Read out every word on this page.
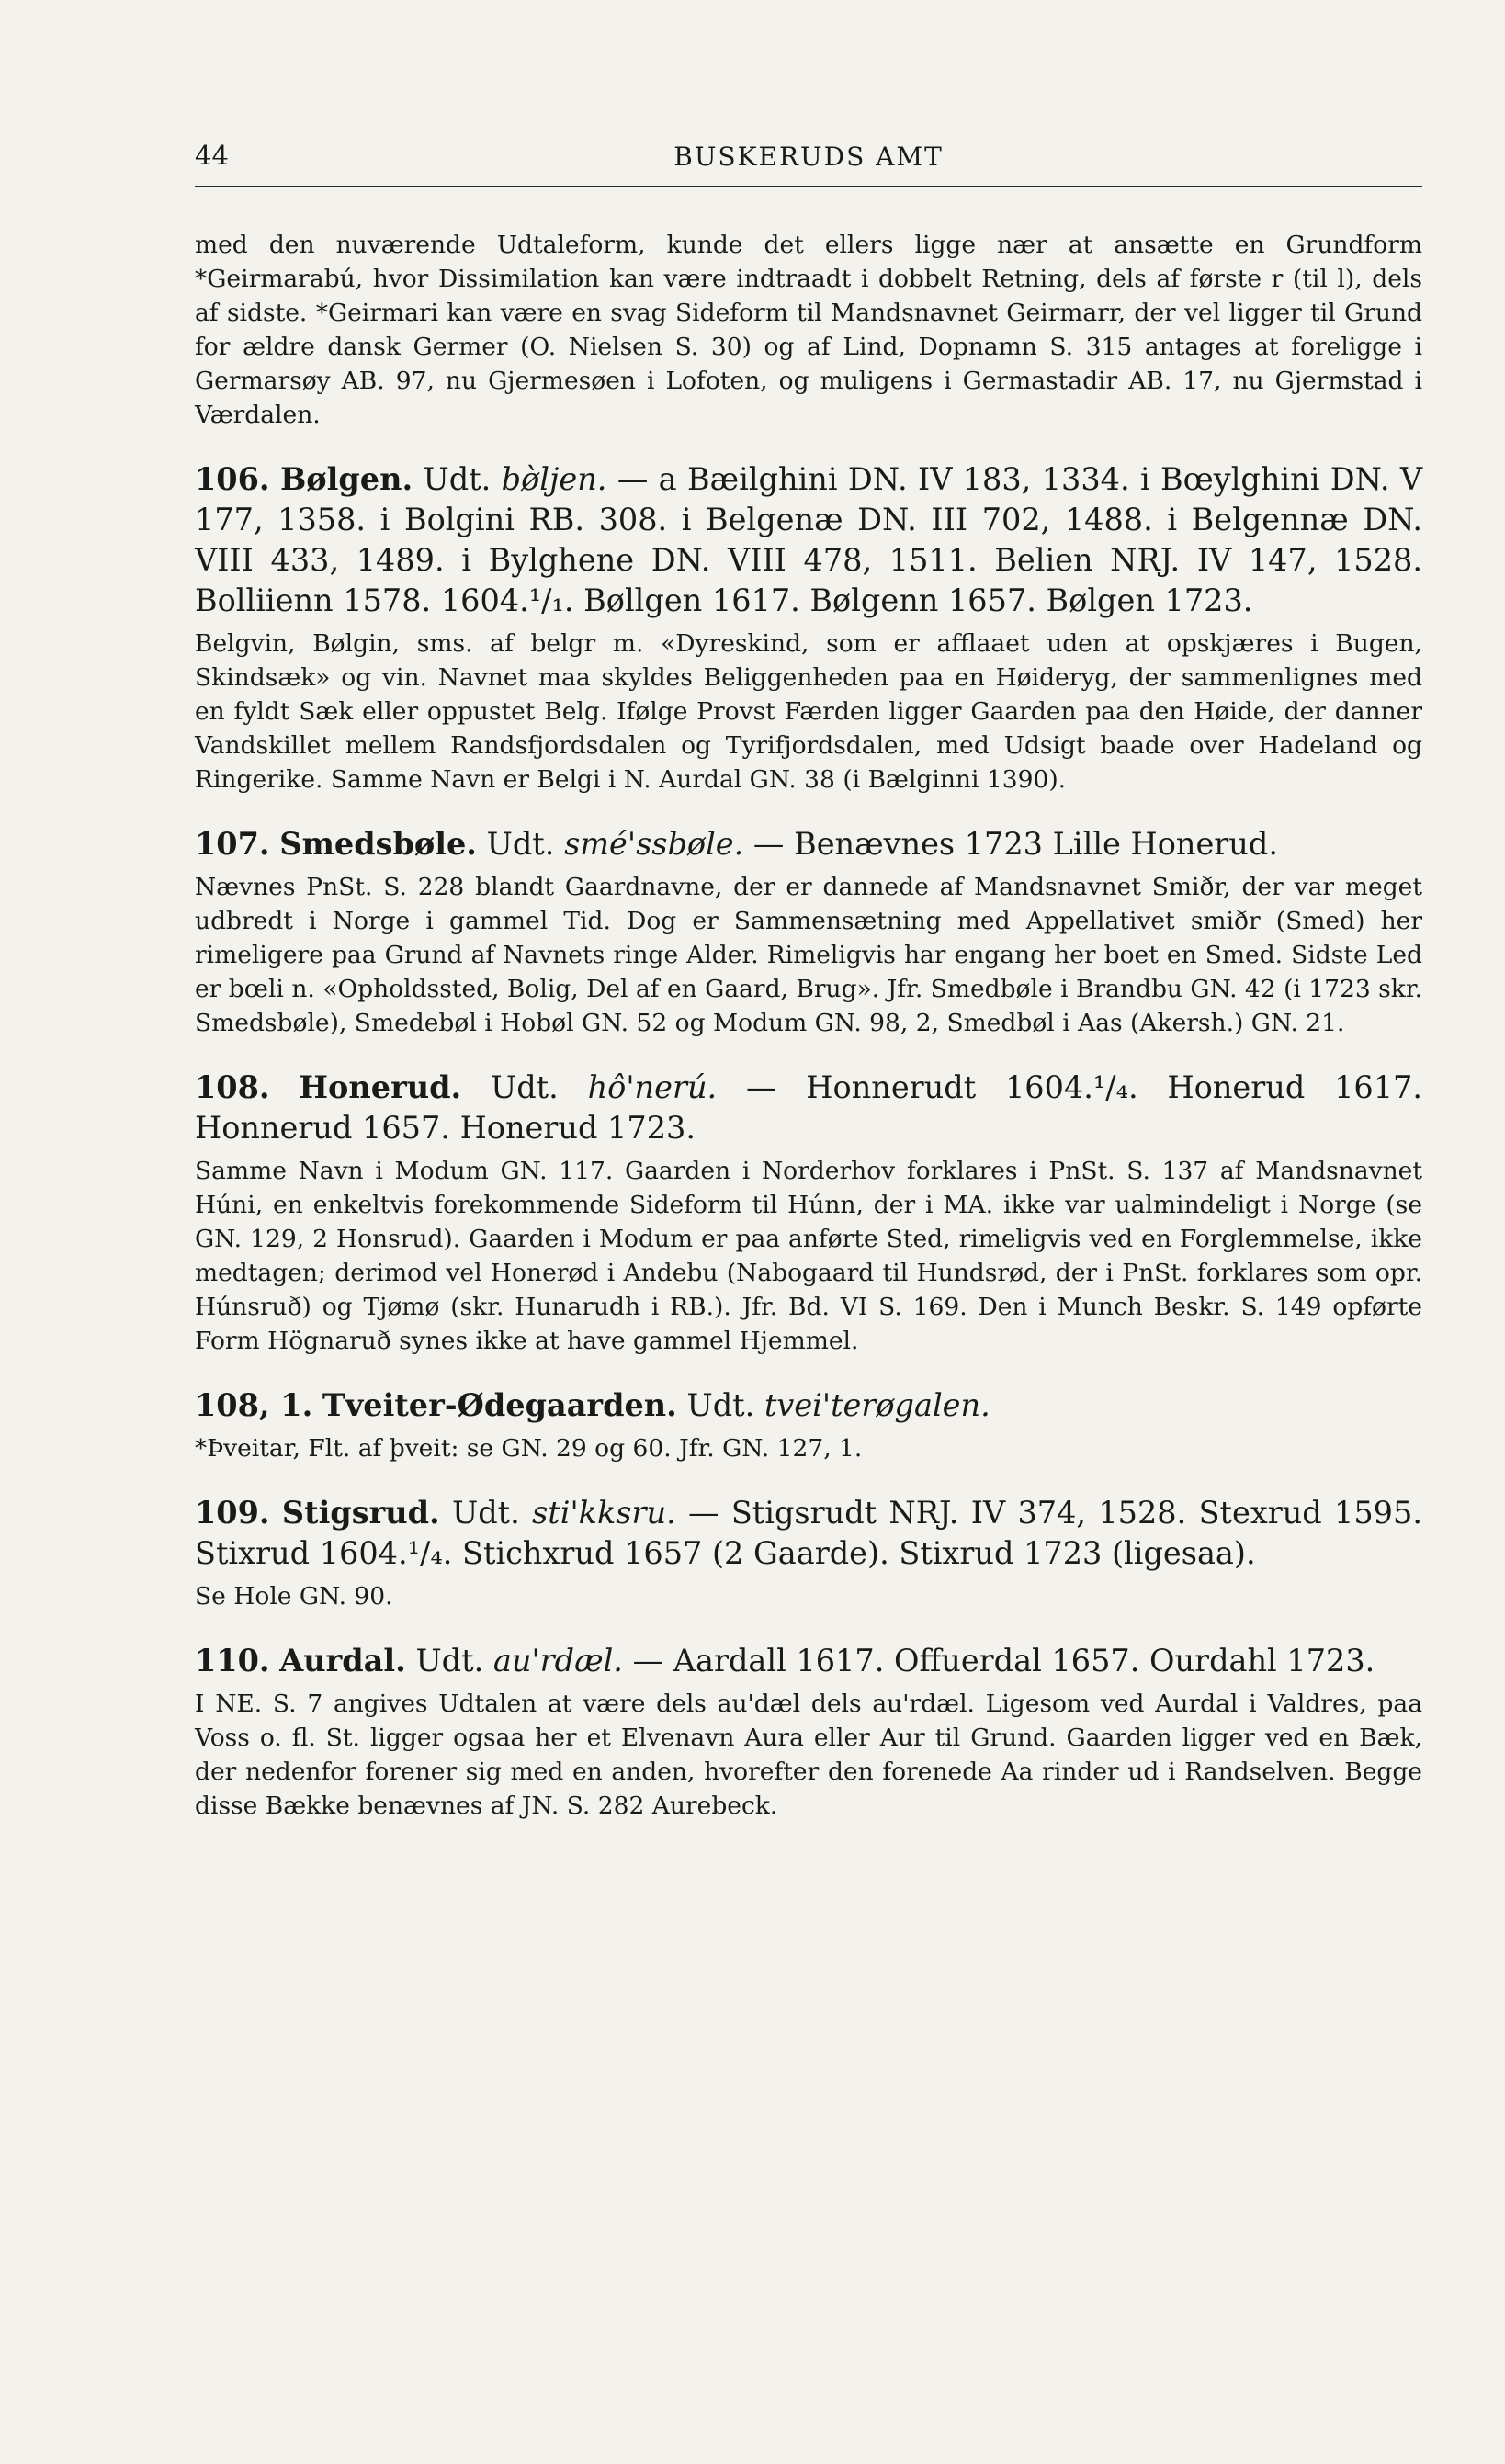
44	BUSKERUDS AMT

med den nuværende Udtaleform, kunde det ellers ligge nær at ansætte en Grundform *Geirmarabú, hvor Dissimilation kan være indtraadt i dobbelt Retning, dels af første r (til l), dels af sidste. *Geirmari kan være en svag Sideform til Mandsnavnet Geirmarr, der vel ligger til Grund for ældre dansk Germer (O. Nielsen S. 30) og af Lind, Dopnamn S. 315 antages at foreligge i Germarsøy AB. 97, nu Gjermesøen i Lofoten, og muligens i Germastadir AB. 17, nu Gjermstad i Værdalen.

106. Bølgen. Udt. bø̀ljen. — a Bæilghini DN. IV 183, 1334. i Bœylghini DN. V 177, 1358. i Bolgini RB. 308. i Belgenæ DN. III 702, 1488. i Belgennæ DN. VIII 433, 1489. i Bylghene DN. VIII 478, 1511. Belien NRJ. IV 147, 1528. Bolliienn 1578. 1604.¹/₁. Bøllgen 1617. Bølgenn 1657. Bølgen 1723.

Belgvin, Bølgin, sms. af belgr m. «Dyreskind, som er afflaaet uden at opskjæres i Bugen, Skindsæk» og vin. Navnet maa skyldes Beliggenheden paa en Høideryg, der sammenlignes med en fyldt Sæk eller oppustet Belg. Ifølge Provst Færden ligger Gaarden paa den Høide, der danner Vandskillet mellem Randsfjordsdalen og Tyrifjordsdalen, med Udsigt baade over Hadeland og Ringerike. Samme Navn er Belgi i N. Aurdal GN. 38 (i Bælginni 1390).

107. Smedsbøle. Udt. smé'ssbøle. — Benævnes 1723 Lille Honerud.

Nævnes PnSt. S. 228 blandt Gaardnavne, der er dannede af Mandsnavnet Smiðr, der var meget udbredt i Norge i gammel Tid. Dog er Sammensætning med Appellativet smiðr (Smed) her rimeligere paa Grund af Navnets ringe Alder. Rimeligvis har engang her boet en Smed. Sidste Led er bœli n. «Opholdssted, Bolig, Del af en Gaard, Brug». Jfr. Smedbøle i Brandbu GN. 42 (i 1723 skr. Smedsbøle), Smedebøl i Hobøl GN. 52 og Modum GN. 98, 2, Smedbøl i Aas (Akersh.) GN. 21.

108. Honerud. Udt. hô'nerú. — Honnerudt 1604.¹/₄. Honerud 1617. Honnerud 1657. Honerud 1723.

Samme Navn i Modum GN. 117. Gaarden i Norderhov forklares i PnSt. S. 137 af Mandsnavnet Húni, en enkeltvis forekommende Sideform til Húnn, der i MA. ikke var ualmindeligt i Norge (se GN. 129, 2 Honsrud). Gaarden i Modum er paa anførte Sted, rimeligvis ved en Forglemmelse, ikke medtagen; derimod vel Honerød i Andebu (Nabogaard til Hundsrød, der i PnSt. forklares som opr. Húnsruð) og Tjømø (skr. Hunarudh i RB.). Jfr. Bd. VI S. 169. Den i Munch Beskr. S. 149 opførte Form Högnaruð synes ikke at have gammel Hjemmel.

108, 1. Tveiter-Ødegaarden. Udt. tvei'terøgalen.

*Þveitar, Flt. af þveit: se GN. 29 og 60. Jfr. GN. 127, 1.

109. Stigsrud. Udt. sti'kksru. — Stigsrudt NRJ. IV 374, 1528. Stexrud 1595. Stixrud 1604.¹/₄. Stichxrud 1657 (2 Gaarde). Stixrud 1723 (ligesaa).

Se Hole GN. 90.

110. Aurdal. Udt. au'rdæl. — Aardall 1617. Offuerdal 1657. Ourdahl 1723.

I NE. S. 7 angives Udtalen at være dels au'dæl dels au'rdæl. Ligesom ved Aurdal i Valdres, paa Voss o. fl. St. ligger ogsaa her et Elvenavn Aura eller Aur til Grund. Gaarden ligger ved en Bæk, der nedenfor forener sig med en anden, hvorefter den forenede Aa rinder ud i Randselven. Begge disse Bække benævnes af JN. S. 282 Aurebeck.
